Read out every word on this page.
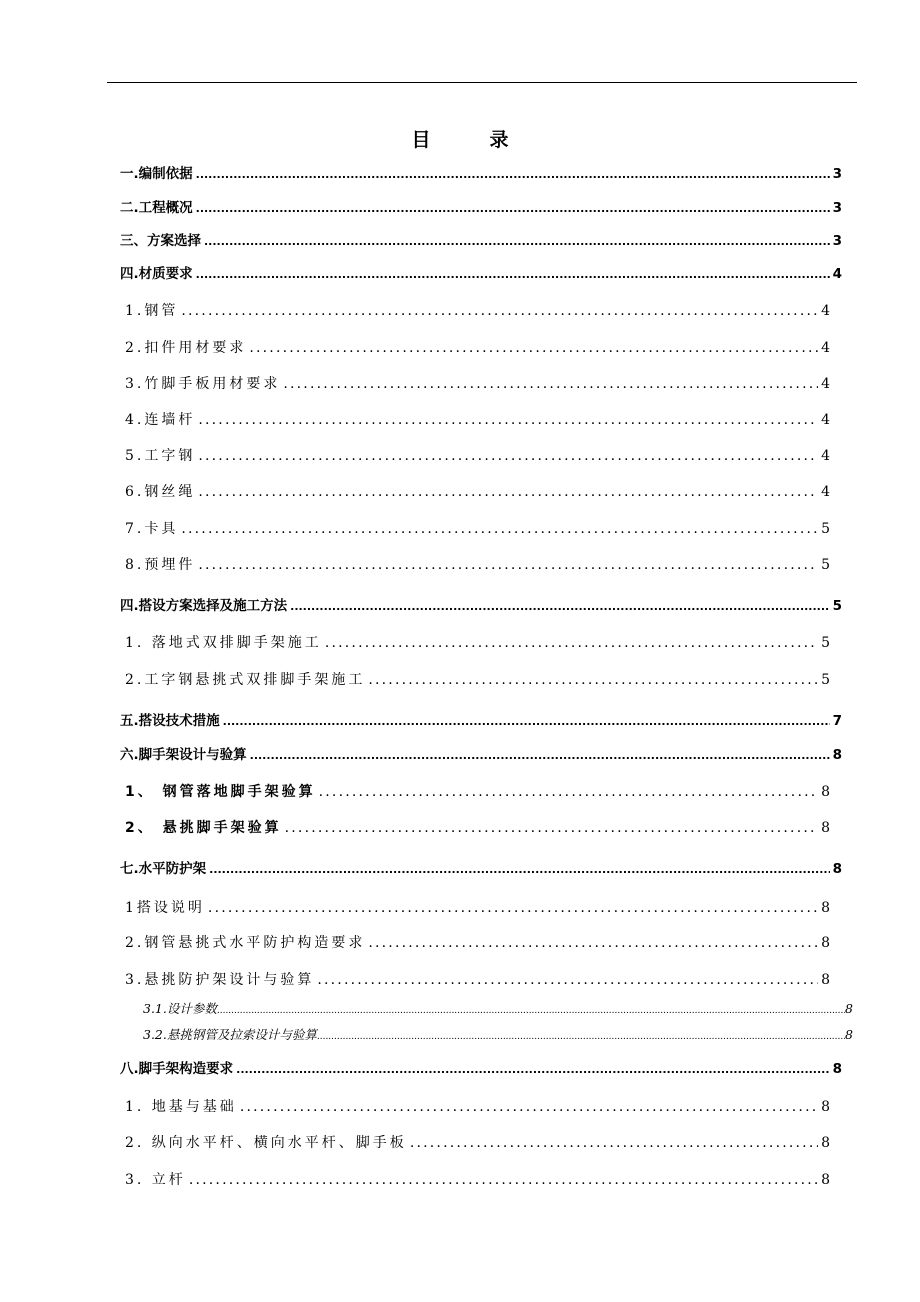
目　录
一.编制依据 .....	3
二.工程概况 .....	3
三、方案选择 .....	3
四.材质要求 .....	4
1.钢管 .....	4
2.扣件用材要求 .....	4
3.竹脚手板用材要求 .....	4
4.连墙杆 .....	4
5.工字钢 .....	4
6.钢丝绳 .....	4
7.卡具 .....	5
8.预埋件 .....	5
四.搭设方案选择及施工方法 .....	5
1. 落地式双排脚手架施工 .....	5
2.工字钢悬挑式双排脚手架施工 .....	5
五.搭设技术措施 .....	7
六.脚手架设计与验算 .....	8
1、 钢管落地脚手架验算 .....	8
2、 悬挑脚手架验算 .....	8
七.水平防护架 .....	8
1搭设说明 .....	8
2.钢管悬挑式水平防护构造要求 .....	8
3.悬挑防护架设计与验算 .....	8
3.1.设计参数 .....	8
3.2.悬挑钢管及拉索设计与验算 .....	8
八.脚手架构造要求 .....	8
1. 地基与基础 .....	8
2. 纵向水平杆、横向水平杆、脚手板 .....	8
3. 立杆 .....	8
